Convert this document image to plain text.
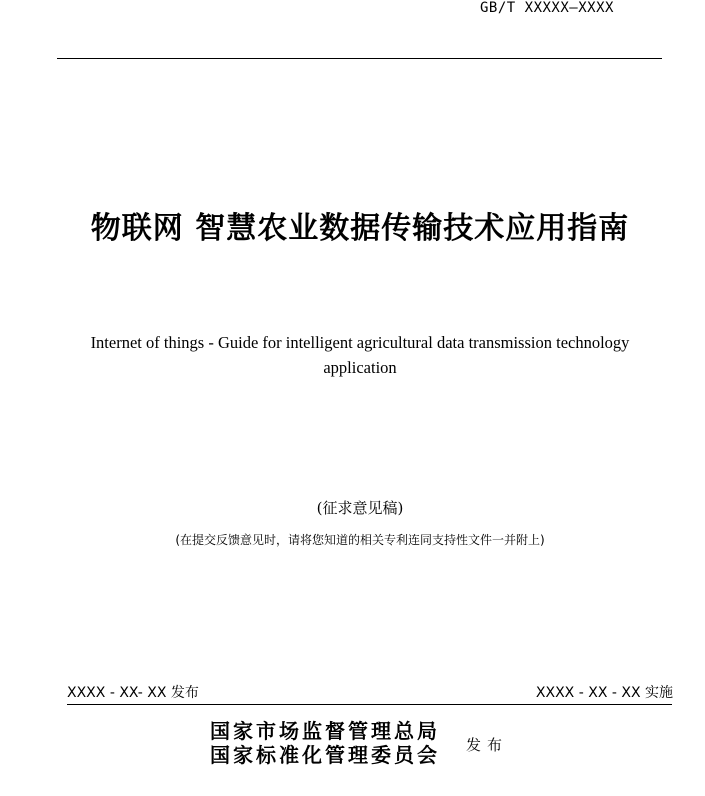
GB/T XXXXX—XXXX
物联网 智慧农业数据传输技术应用指南
Internet of things - Guide for intelligent agricultural data transmission technology application
(征求意见稿)
(在提交反馈意见时，请将您知道的相关专利连同支持性文件一并附上)
XXXX - XX- XX 发布	XXXX - XX - XX 实施
国家市场监督管理总局
国家标准化管理委员会 发布
